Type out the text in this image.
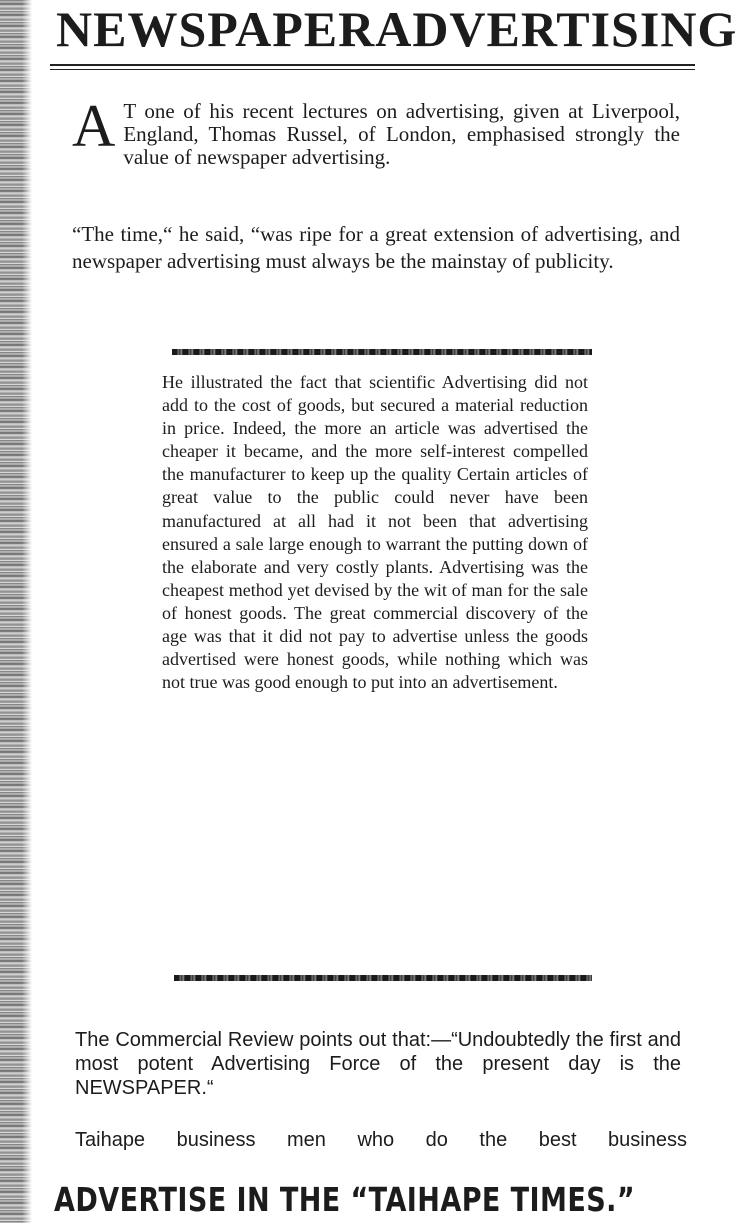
NEWSPAPER ADVERTISING

A T one of his recent lectures on advertising, given at Liverpool, England, Thomas Russel, of London, emphasised strongly the value of newspaper advertising.

“The time,“ he said, “was ripe for a great extension of advertising, and newspaper advertising must always be the mainstay of publicity.

He illustrated the fact that scientific Advertising did not add to the cost of goods, but secured a material reduction in price. Indeed, the more an article was advertised the cheaper it became, and the more self-interest compelled the manufacturer to keep up the quality Certain articles of great value to the public could never have been manufactured at all had it not been that advertising ensured a sale large enough to warrant the putting down of the elaborate and very costly plants. Advertising was the cheapest method yet devised by the wit of man for the sale of honest goods. The great commercial discovery of the age was that it did not pay to advertise unless the goods advertised were honest goods, while nothing which was not true was good enough to put into an advertisement.

The Commercial Review points out that:—“Undoubtedly the first and most potent Advertising Force of the present day is the NEWSPAPER.“

Taihape business men who do the best business

ADVERTISE IN THE “TAIHAPE TIMES.”
